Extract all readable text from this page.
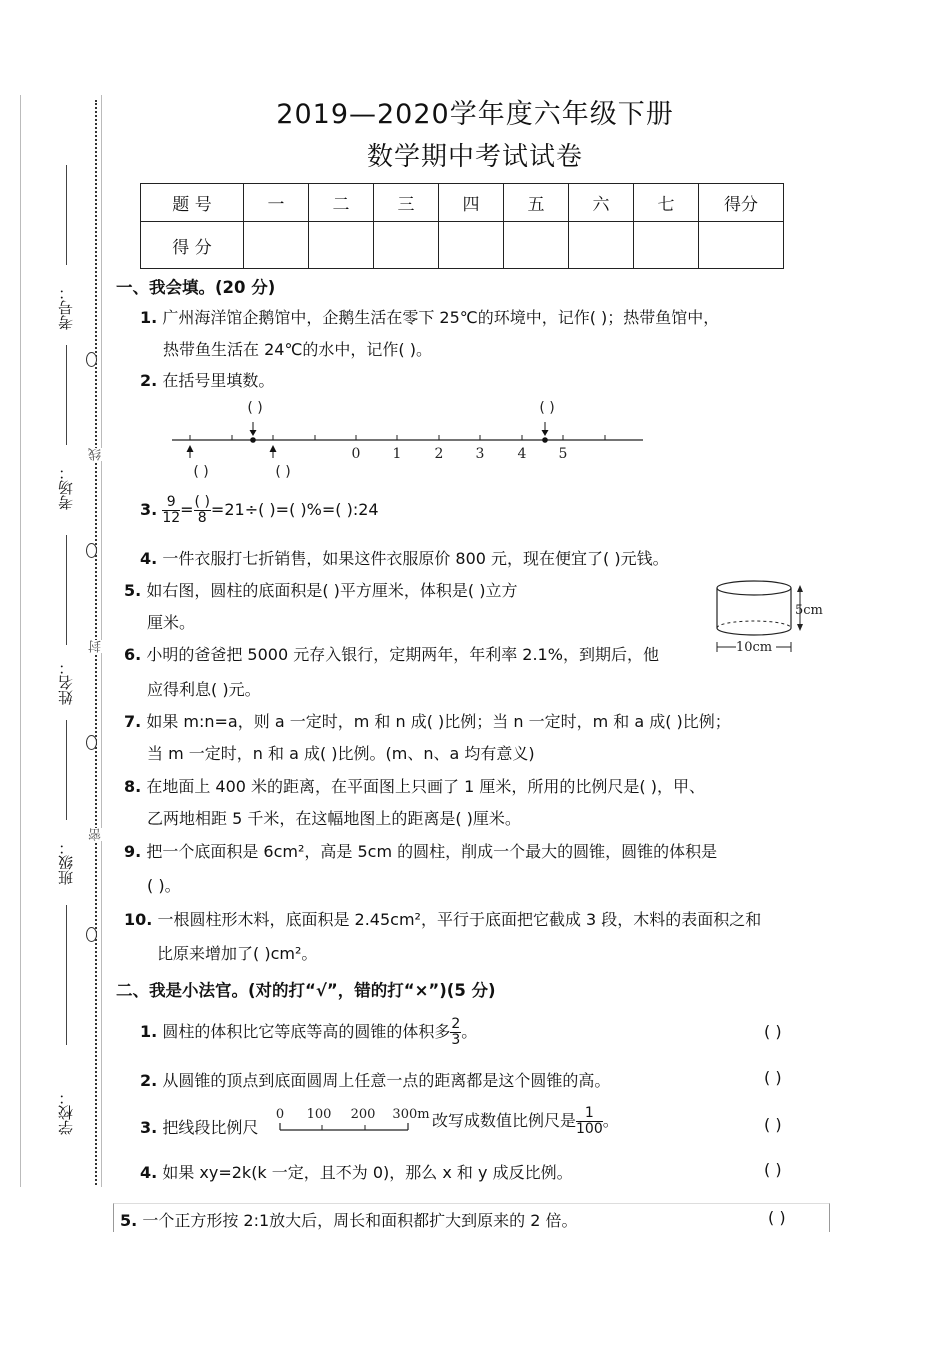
2019—2020学年度六年级下册
数学期中考试试卷
考号：
考场：
姓名：
班级：
学校：
线
封
密
题 号	一	二	三	四	五	六	七	得分
得 分								
一、我会填。(20 分)
1. 广州海洋馆企鹅馆中，企鹅生活在零下 25℃的环境中，记作( )；热带鱼馆中，
热带鱼生活在 24℃的水中，记作( )。
2. 在括号里填数。
0 1 2 3 4 5
( )	( )
( )	( )
3. $\frac{9}{12} = \frac{( )}{8} =21\div$( )=( )%=( ):24
4. 一件衣服打七折销售，如果这件衣服原价 800 元，现在便宜了( )元钱。
5. 如右图，圆柱的底面积是( )平方厘米，体积是( )立方
厘米。
5cm
10cm
6. 小明的爸爸把 5000 元存入银行，定期两年，年利率 2.1%，到期后，他
应得利息( )元。
7. 如果 m:n=a，则 a 一定时，m 和 n 成( )比例；当 n 一定时，m 和 a 成( )比例；
当 m 一定时，n 和 a 成( )比例。(m、n、a 均有意义)
8. 在地面上 400 米的距离，在平面图上只画了 1 厘米，所用的比例尺是( )，甲、
乙两地相距 5 千米，在这幅地图上的距离是( )厘米。
9. 把一个底面积是 6cm²，高是 5cm 的圆柱，削成一个最大的圆锥，圆锥的体积是
( )。
10. 一根圆柱形木料，底面积是 2.45cm²，平行于底面把它截成 3 段，木料的表面积之和
比原来增加了( )cm²。
二、我是小法官。(对的打“√”，错的打“×”)(5 分)
1. 圆柱的体积比它等底等高的圆锥的体积多 $\frac{2}{3}$ 。	( )
2. 从圆锥的顶点到底面圆周上任意一点的距离都是这个圆锥的高。	( )
3. 把线段比例尺
0 100 200 300m 改写成数值比例尺是 $\frac{1}{100}$ 。	( )
4. 如果 xy=2k(k 一定，且不为 0)，那么 x 和 y 成反比例。	( )
5. 一个正方形按 2:1放大后，周长和面积都扩大到原来的 2 倍。	( )
